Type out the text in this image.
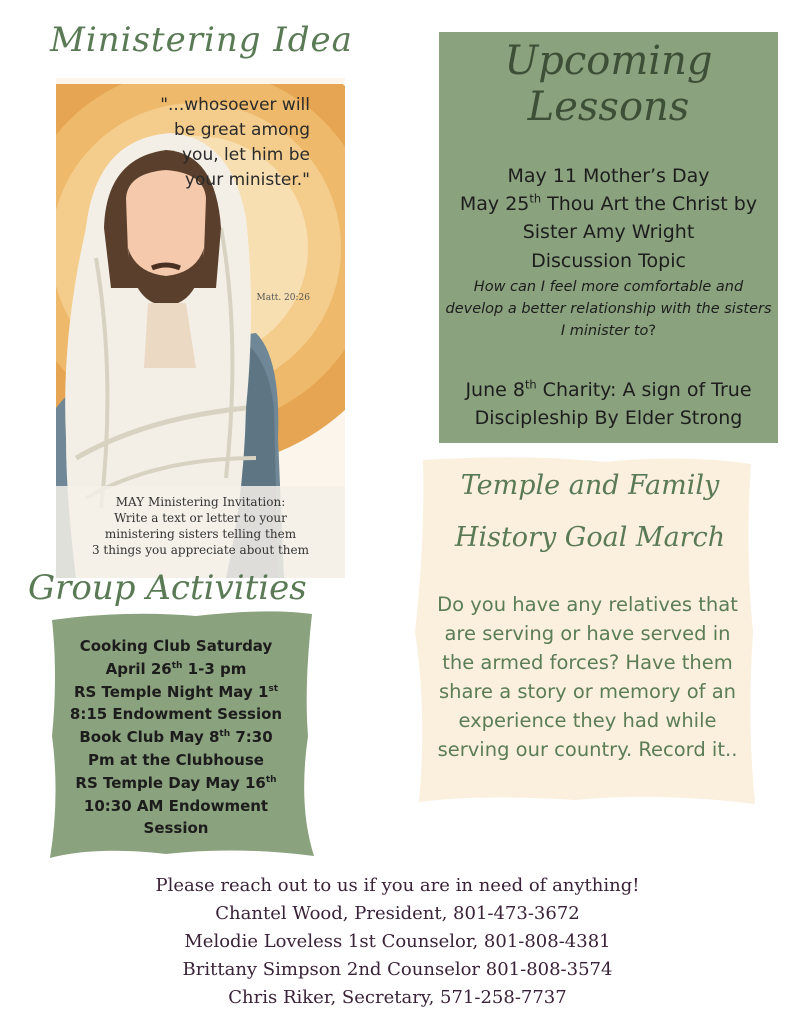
Ministering Idea
"...whosoever will be great among you, let him be your minister."
Matt. 20:26
MAY Ministering Invitation:
Write a text or letter to your
ministering sisters telling them
3 things you appreciate about them
Upcoming
Lessons
May 11 Mother’s Day
May 25th Thou Art the Christ by
Sister Amy Wright
Discussion Topic
How can I feel more comfortable and develop a better relationship with the sisters I minister to?
June 8th Charity: A sign of True
Discipleship By Elder Strong
Temple and Family
History Goal March
Do you have any relatives that are serving or have served in the armed forces? Have them share a story or memory of an experience they had while serving our country. Record it..
Group Activities
Cooking Club Saturday
April 26th 1-3 pm
RS Temple Night May 1st
8:15 Endowment Session
Book Club May 8th 7:30
Pm at the Clubhouse
RS Temple Day May 16th
10:30 AM Endowment
Session
Please reach out to us if you are in need of anything!
Chantel Wood, President, 801-473-3672
Melodie Loveless 1st Counselor, 801-808-4381
Brittany Simpson 2nd Counselor 801-808-3574
Chris Riker, Secretary, 571-258-7737
